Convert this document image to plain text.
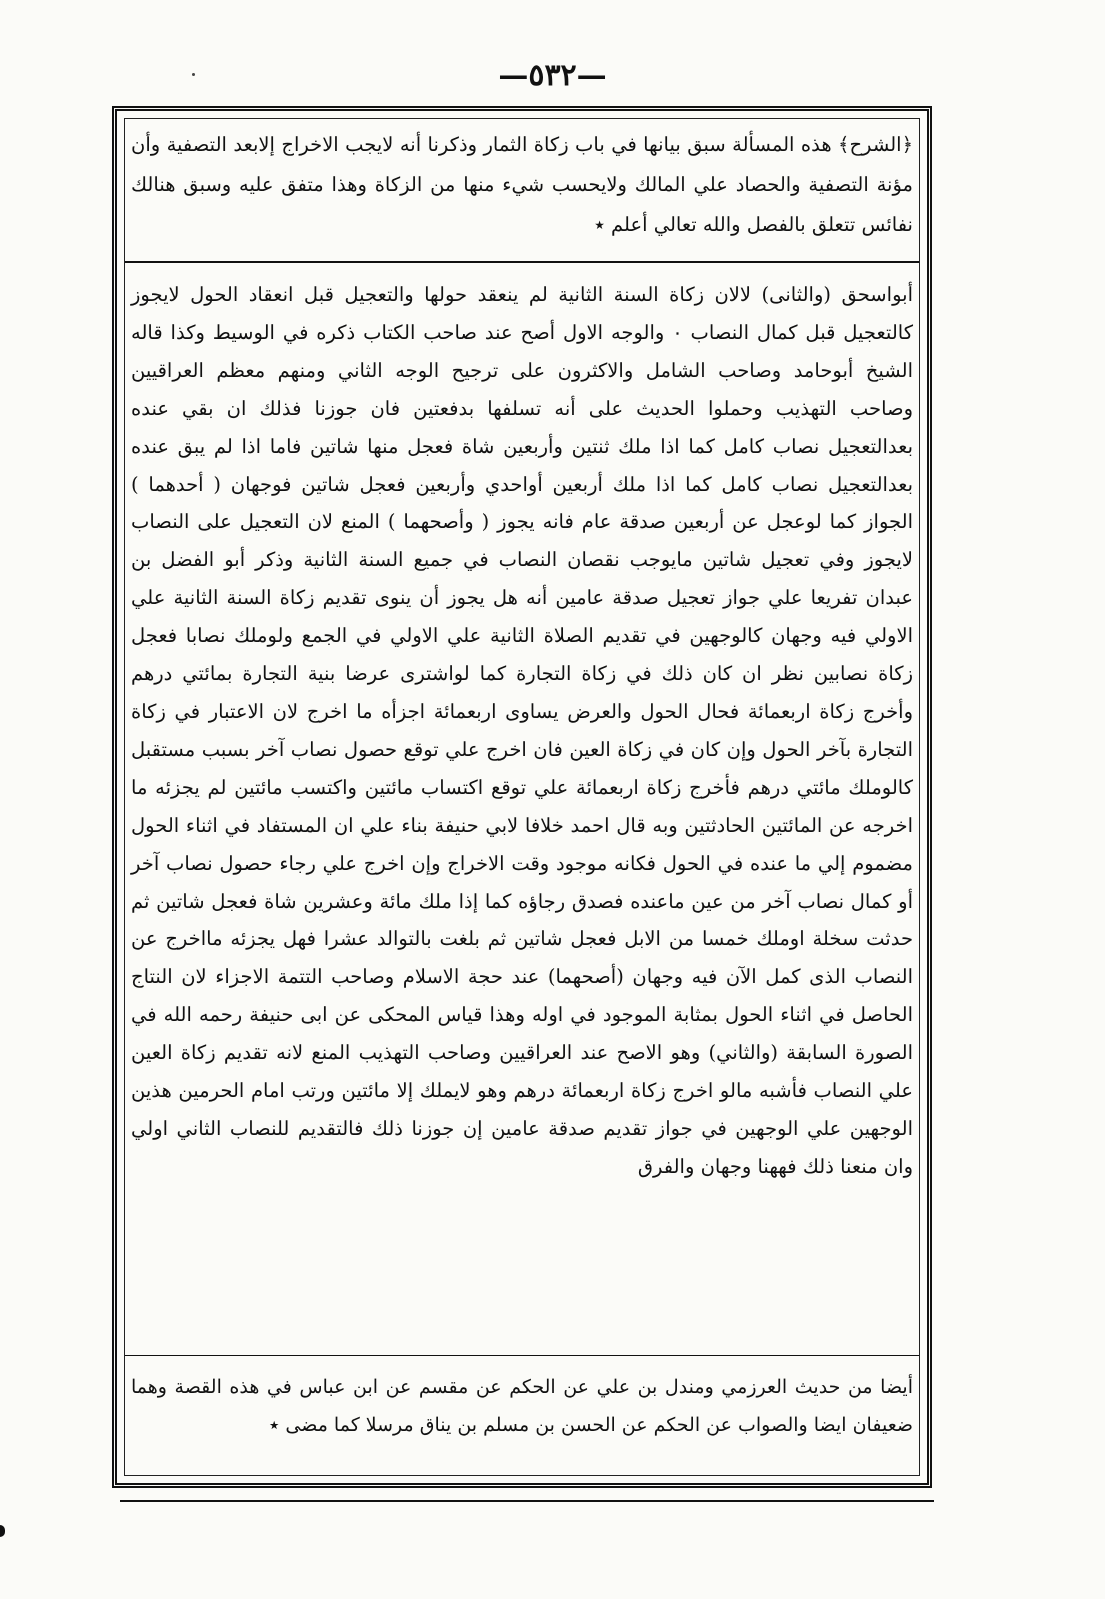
—٥٣٢—
﴿الشرح﴾ هذه المسألة سبق بيانها في باب زكاة الثمار وذكرنا أنه لايجب الاخراج إلابعد التصفية وأن مؤنة التصفية والحصاد علي المالك ولايحسب شي‌ء منها من الزكاة وهذا متفق عليه وسبق هنالك نفائس تتعلق بالفصل والله تعالي أعلم ٭
أبواسحق (والثانى) لالان زكاة السنة الثانية لم ينعقد حولها والتعجيل قبل انعقاد الحول لايجوز كالتعجيل قبل كمال النصاب ٠ والوجه الاول أصح عند صاحب الكتاب ذكره في الوسيط وكذا قاله الشيخ أبوحامد وصاحب الشامل والاكثرون على ترجيح الوجه الثاني ومنهم معظم العراقيين وصاحب التهذيب وحملوا الحديث على أنه تسلفها بدفعتين فان جوزنا فذلك ان بقي عنده بعدالتعجيل نصاب كامل كما اذا ملك ثنتين وأربعين شاة فعجل منها شاتين فاما اذا لم يبق عنده بعدالتعجيل نصاب كامل كما اذا ملك أربعين أواحدي وأربعين فعجل شاتين فوجهان ( أحدهما ) الجواز كما لوعجل عن أربعين صدقة عام فانه يجوز ( وأصحهما ) المنع لان التعجيل على النصاب لايجوز وفي تعجيل شاتين مايوجب نقصان النصاب في جميع السنة الثانية وذكر أبو الفضل بن عبدان تفريعا علي جواز تعجيل صدقة عامين أنه هل يجوز أن ينوى تقديم زكاة السنة الثانية علي الاولي فيه وجهان كالوجهين في تقديم الصلاة الثانية علي الاولي في الجمع ولوملك نصابا فعجل زكاة نصابين نظر ان كان ذلك في زكاة التجارة كما لواشترى عرضا بنية التجارة بمائتي درهم وأخرج زكاة اربعمائة فحال الحول والعرض يساوى اربعمائة اجزأه ما اخرج لان الاعتبار في زكاة التجارة بآخر الحول وإن كان في زكاة العين فان اخرج علي توقع حصول نصاب آخر بسبب مستقبل كالوملك مائتي درهم فأخرج زكاة اربعمائة علي توقع اكتساب مائتين واكتسب مائتين لم يجزئه ما اخرجه عن المائتين الحادثتين وبه قال احمد خلافا لابي حنيفة بناء علي ان المستفاد في اثناء الحول مضموم إلي ما عنده في الحول فكانه موجود وقت الاخراج وإن اخرج علي رجاء حصول نصاب آخر أو كمال نصاب آخر من عين ماعنده فصدق رجاؤه كما إذا ملك مائة وعشرين شاة فعجل شاتين ثم حدثت سخلة اوملك خمسا من الابل فعجل شاتين ثم بلغت بالتوالد عشرا فهل يجزئه مااخرج عن النصاب الذى كمل الآن فيه وجهان (أصحهما) عند حجة الاسلام وصاحب التتمة الاجزاء لان النتاج الحاصل في اثناء الحول بمثابة الموجود في اوله وهذا قياس المحكى عن ابى حنيفة رحمه الله في الصورة السابقة (والثاني) وهو الاصح عند العراقيين وصاحب التهذيب المنع لانه تقديم زكاة العين علي النصاب فأشبه مالو اخرج زكاة اربعمائة درهم وهو لايملك إلا مائتين ورتب امام الحرمين هذين الوجهين علي الوجهين في جواز تقديم صدقة عامين إن جوزنا ذلك فالتقديم للنصاب الثاني اولي وان منعنا ذلك فههنا وجهان والفرق
أيضا من حديث العرزمي ومندل بن علي عن الحكم عن مقسم عن ابن عباس في هذه القصة وهما ضعيفان ايضا والصواب عن الحكم عن الحسن بن مسلم بن يناق مرسلا كما مضى ٭
